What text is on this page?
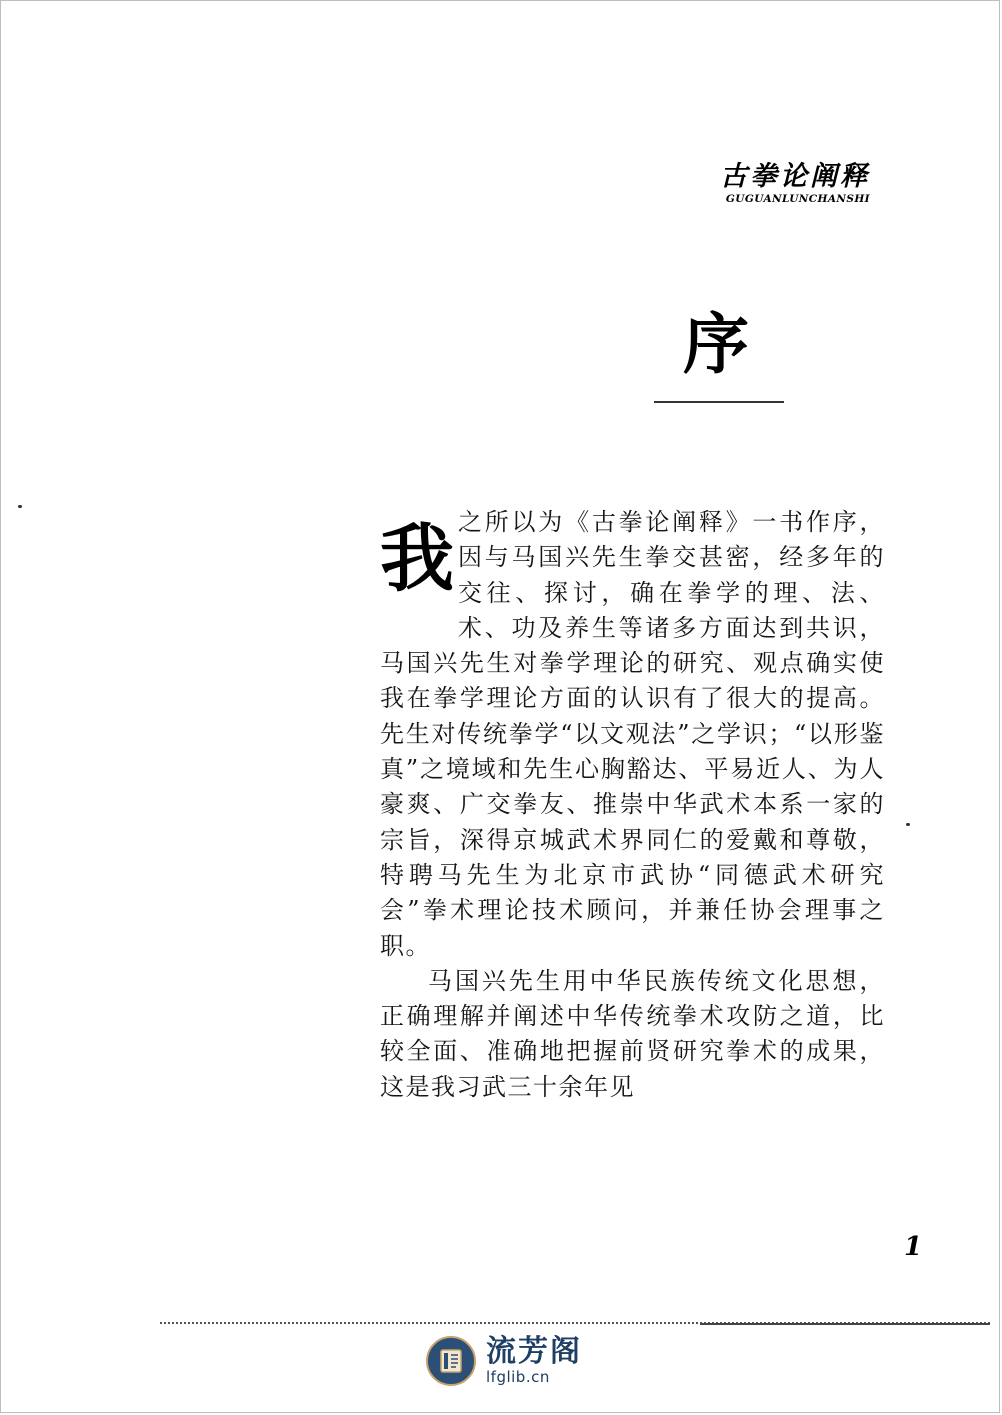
古拳论阐释
GUGUANLUNCHANSHI
序
我 之所以为《古拳论阐释》一书作序，因与马国兴先生拳交甚密，经多年的交往、探讨，确在拳学的理、法、术、功及养生等诸多方面达到共识，马国兴先生对拳学理论的研究、观点确实使我在拳学理论方面的认识有了很大的提高。先生对传统拳学“以文观法”之学识；“以形鉴真”之境域和先生心胸豁达、平易近人、为人豪爽、广交拳友、推崇中华武术本系一家的宗旨，深得京城武术界同仁的爱戴和尊敬，特聘马先生为北京市武协“同德武术研究会”拳术理论技术顾问，并兼任协会理事之职。

马国兴先生用中华民族传统文化思想，正确理解并阐述中华传统拳术攻防之道，比较全面、准确地把握前贤研究拳术的成果，这是我习武三十余年见

1
流芳阁
lfglib.cn
